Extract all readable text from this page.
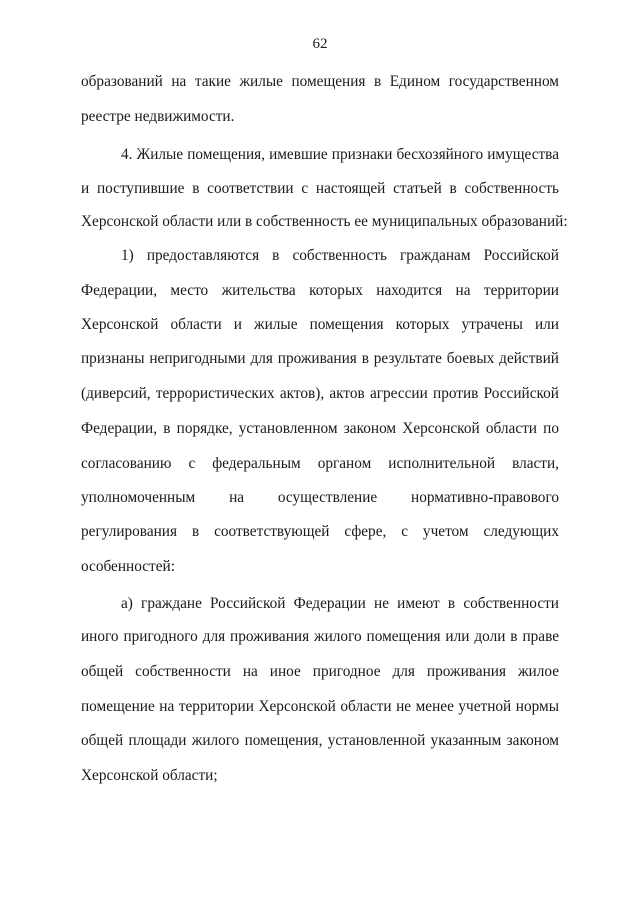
62
образований на такие жилые помещения в Едином государственном
реестре недвижимости.
4. Жилые помещения, имевшие признаки бесхозяйного имущества
и поступившие в соответствии с настоящей статьей в собственность
Херсонской области или в собственность ее муниципальных образований:
1) предоставляются в собственность гражданам Российской
Федерации, место жительства которых находится на территории
Херсонской области и жилые помещения которых утрачены или
признаны непригодными для проживания в результате боевых действий
(диверсий, террористических актов), актов агрессии против Российской
Федерации, в порядке, установленном законом Херсонской области по
согласованию с федеральным органом исполнительной власти,
уполномоченным на осуществление нормативно-правового
регулирования в соответствующей сфере, с учетом следующих
особенностей:
а) граждане Российской Федерации не имеют в собственности
иного пригодного для проживания жилого помещения или доли в праве
общей собственности на иное пригодное для проживания жилое
помещение на территории Херсонской области не менее учетной нормы
общей площади жилого помещения, установленной указанным законом
Херсонской области;
